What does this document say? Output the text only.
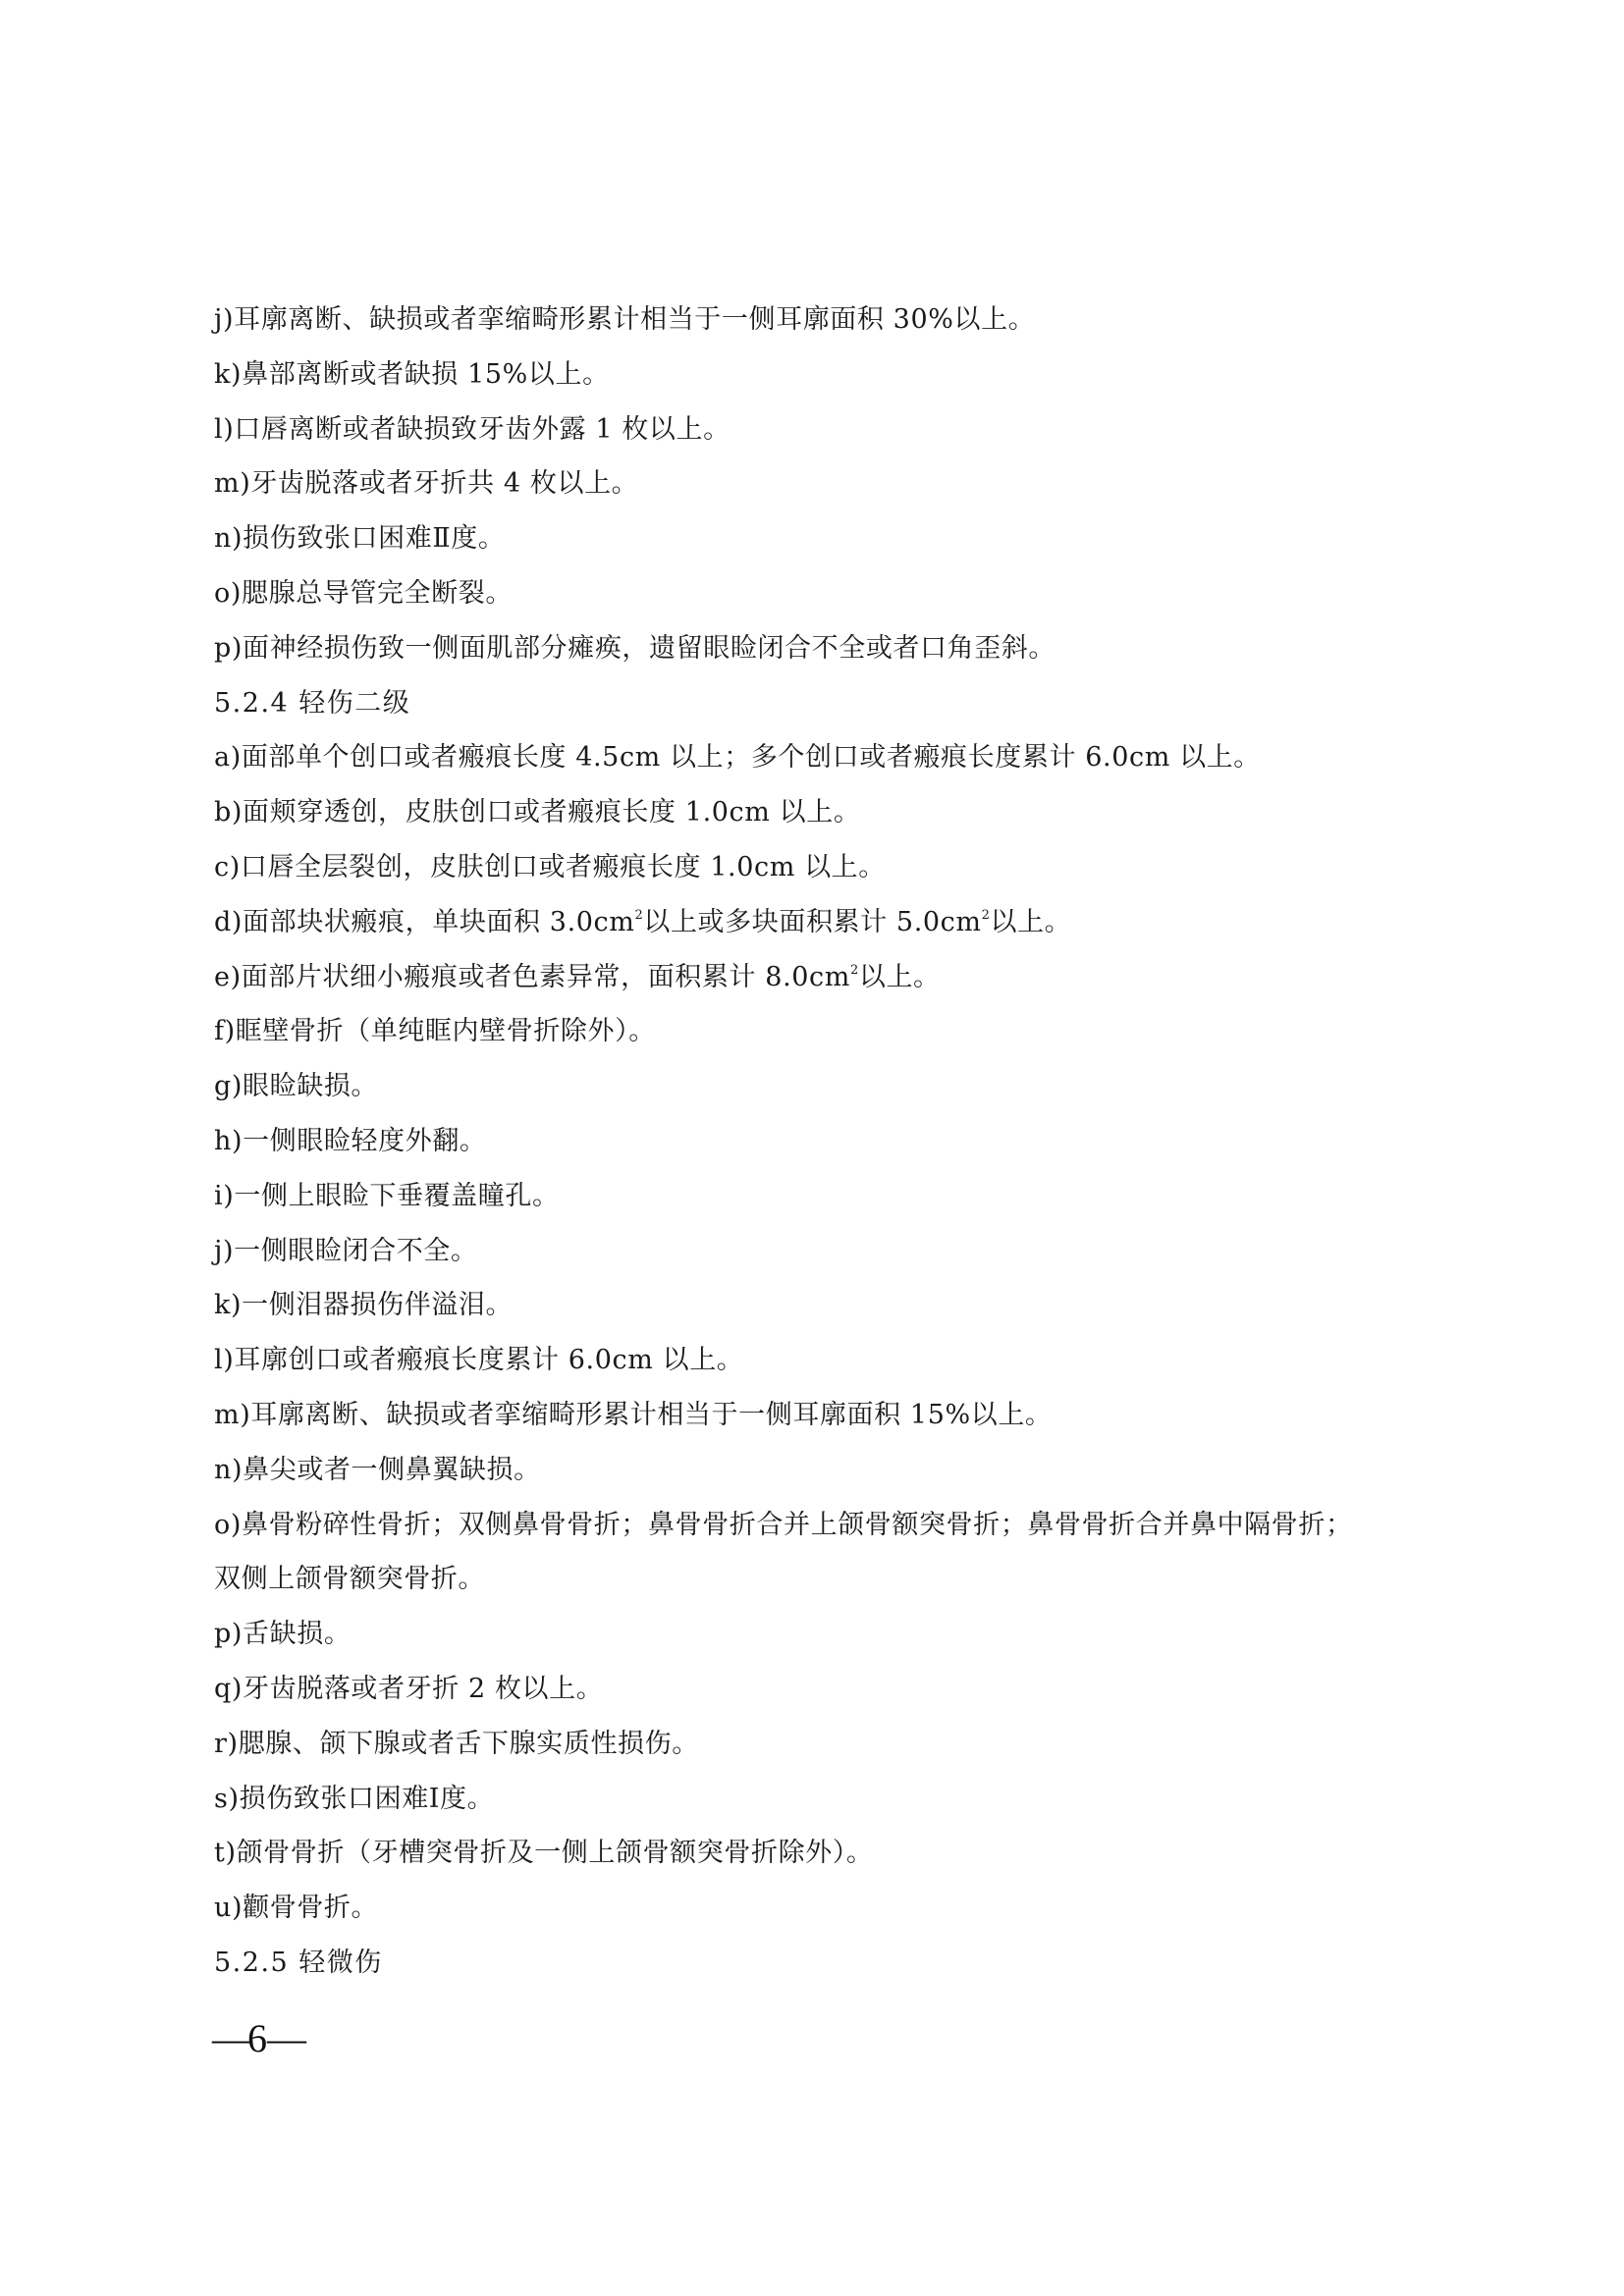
j)耳廓离断、缺损或者挛缩畸形累计相当于一侧耳廓面积 30%以上。
k)鼻部离断或者缺损 15%以上。
l)口唇离断或者缺损致牙齿外露 1 枚以上。
m)牙齿脱落或者牙折共 4 枚以上。
n)损伤致张口困难Ⅱ度。
o)腮腺总导管完全断裂。
p)面神经损伤致一侧面肌部分瘫痪，遗留眼睑闭合不全或者口角歪斜。
5.2.4 轻伤二级
a)面部单个创口或者瘢痕长度 4.5cm 以上；多个创口或者瘢痕长度累计 6.0cm 以上。
b)面颊穿透创，皮肤创口或者瘢痕长度 1.0cm 以上。
c)口唇全层裂创，皮肤创口或者瘢痕长度 1.0cm 以上。
d)面部块状瘢痕，单块面积 $3.0cm^2$以上或多块面积累计 $5.0cm^2$以上。
e)面部片状细小瘢痕或者色素异常，面积累计 $8.0cm^2$以上。
f)眶壁骨折（单纯眶内壁骨折除外）。
g)眼睑缺损。
h)一侧眼睑轻度外翻。
i)一侧上眼睑下垂覆盖瞳孔。
j)一侧眼睑闭合不全。
k)一侧泪器损伤伴溢泪。
l)耳廓创口或者瘢痕长度累计 6.0cm 以上。
m)耳廓离断、缺损或者挛缩畸形累计相当于一侧耳廓面积 15%以上。
n)鼻尖或者一侧鼻翼缺损。
o)鼻骨粉碎性骨折；双侧鼻骨骨折；鼻骨骨折合并上颌骨额突骨折；鼻骨骨折合并鼻中隔骨折；
双侧上颌骨额突骨折。
p)舌缺损。
q)牙齿脱落或者牙折 2 枚以上。
r)腮腺、颌下腺或者舌下腺实质性损伤。
s)损伤致张口困难Ⅰ度。
t)颌骨骨折（牙槽突骨折及一侧上颌骨额突骨折除外）。
u)颧骨骨折。
5.2.5 轻微伤
—6—
